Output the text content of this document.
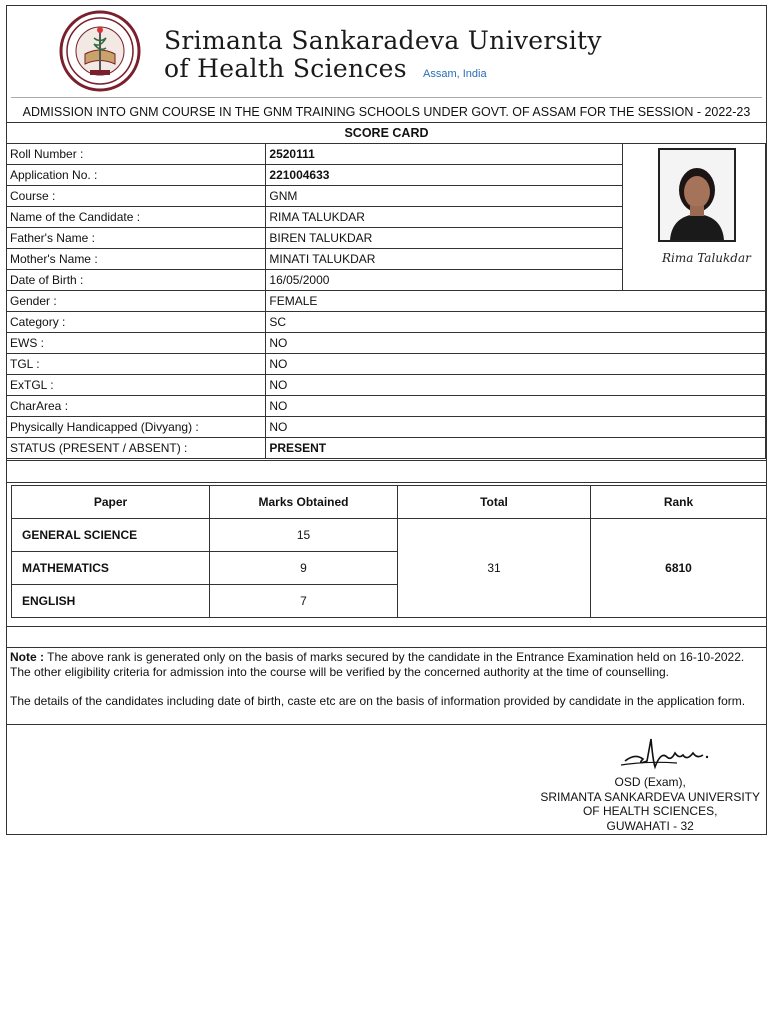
Srimanta Sankaradeva University
of Health Sciences Assam, India
ADMISSION INTO GNM COURSE IN THE GNM TRAINING SCHOOLS UNDER GOVT. OF ASSAM FOR THE SESSION - 2022-23
SCORE CARD
Roll Number :	2520111	Rima Talukdar

Application No. :	221004633	
Course :	GNM	
Name of the Candidate :	RIMA TALUKDAR	
Father's Name :	BIREN TALUKDAR	
Mother's Name :	MINATI TALUKDAR	
Date of Birth :	16/05/2000	
Gender :	FEMALE	
Category :	SC	
EWS :	NO	
TGL :	NO	
ExTGL :	NO	
CharArea :	NO	
Physically Handicapped (Divyang) :	NO	
STATUS (PRESENT / ABSENT) :	PRESENT	
Paper	Marks Obtained	Total	Rank
GENERAL SCIENCE	15	31	6810
MATHEMATICS	9		
ENGLISH	7		

Note : The above rank is generated only on the basis of marks secured by the candidate in the Entrance Examination held on 16-10-2022. The other eligibility criteria for admission into the course will be verified by the concerned authority at the time of counselling.

The details of the candidates including date of birth, caste etc are on the basis of information provided by candidate in the application form.

OSD (Exam),
SRIMANTA SANKARDEVA UNIVERSITY
OF HEALTH SCIENCES,
GUWAHATI - 32
